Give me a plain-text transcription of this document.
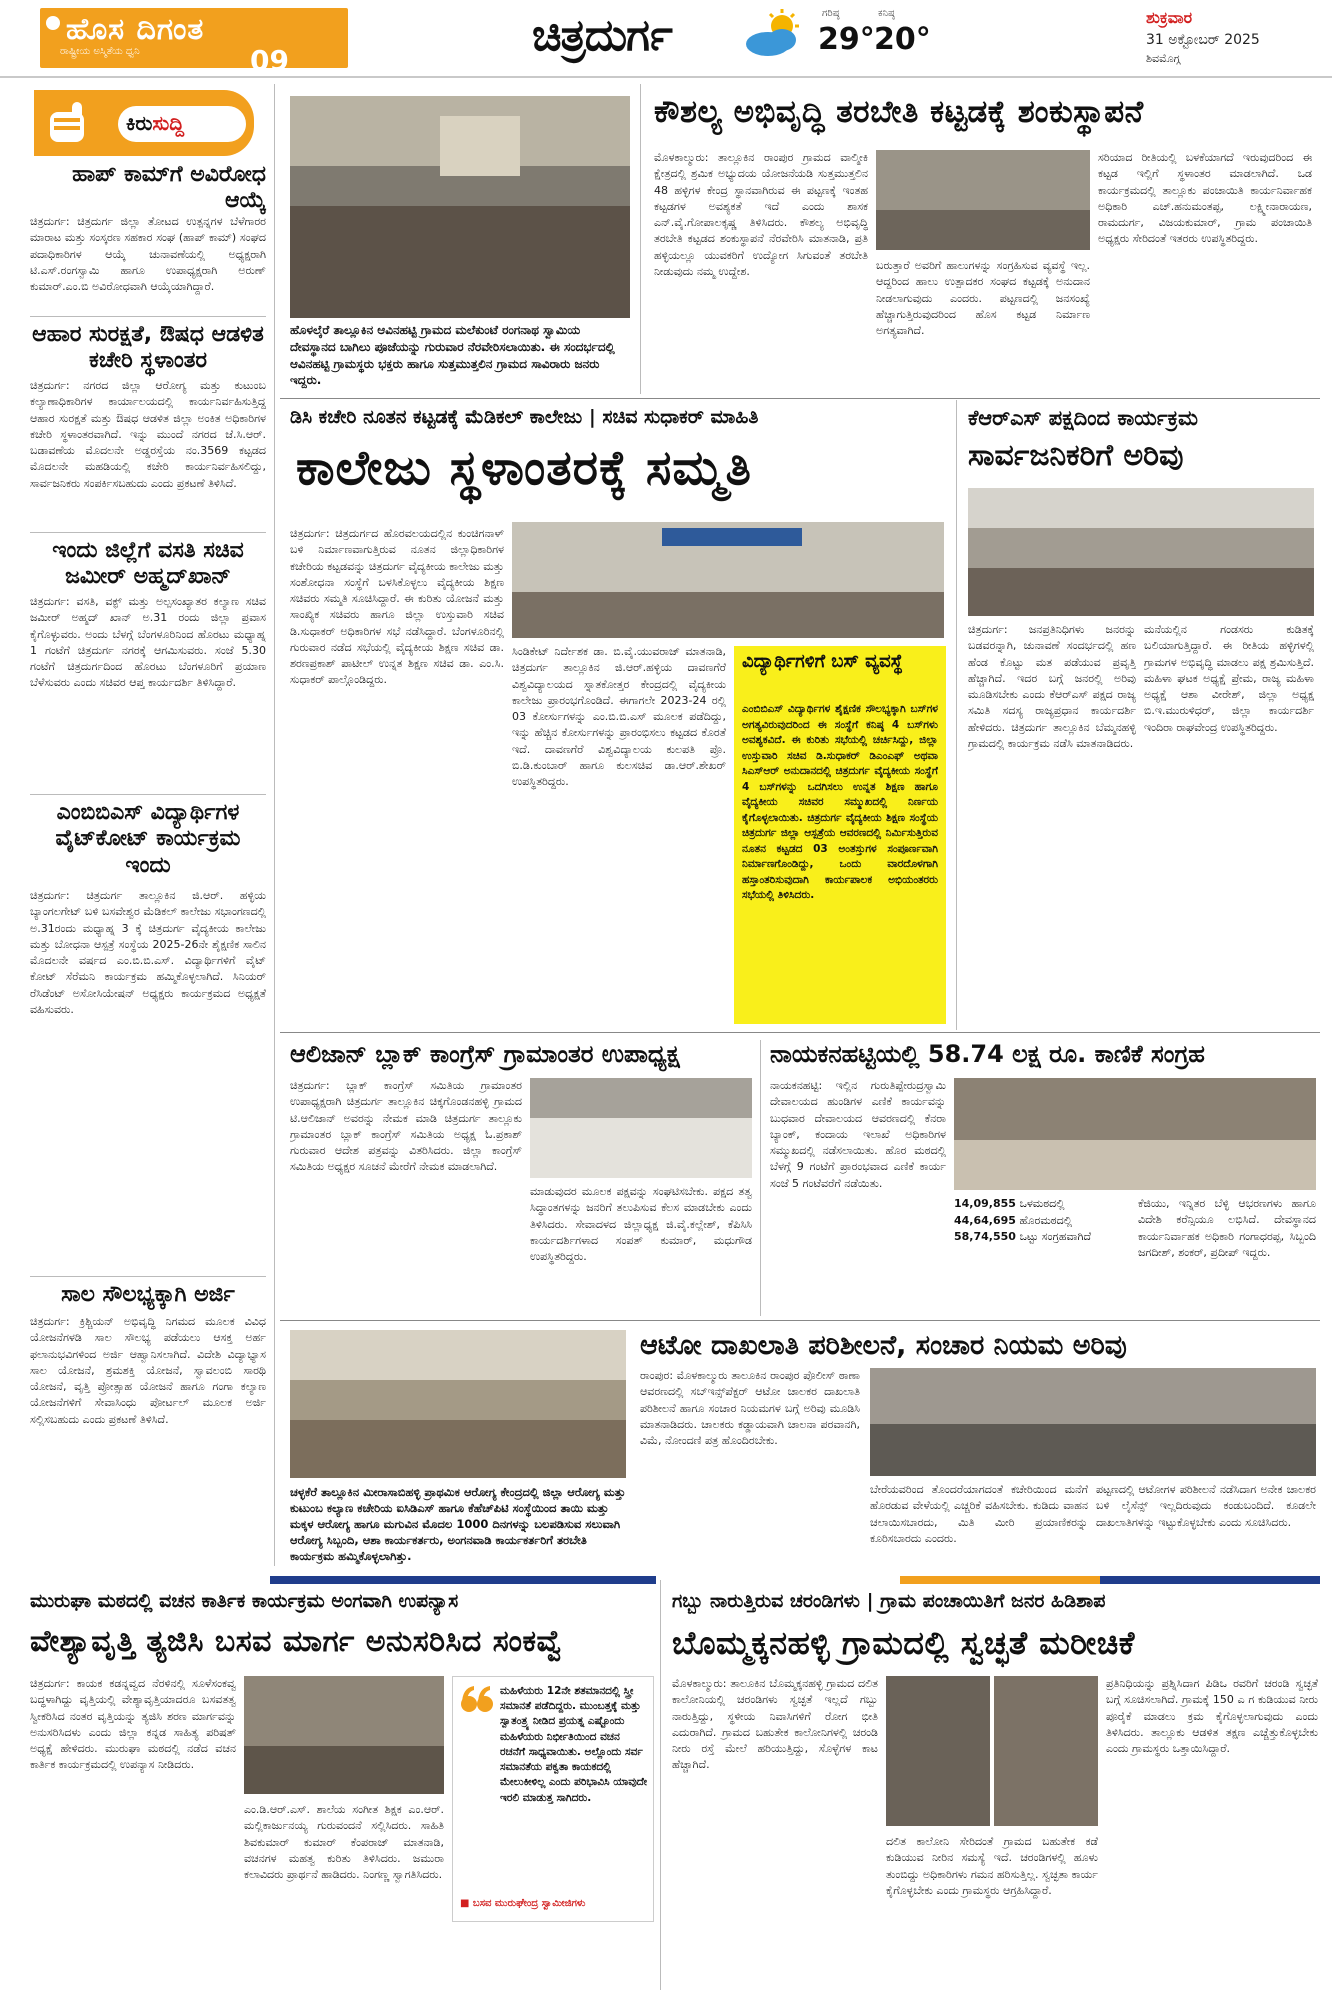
ಹೊಸ ದಿಗಂತ
ರಾಷ್ಟ್ರೀಯ ಅಸ್ಮಿತೆಯ ಧ್ವನಿ	09	ಚಿತ್ರದುರ್ಗ	ಗರಿಷ್ಠ
29°
ಕನಿಷ್ಠ
20°
ಶುಕ್ರವಾರ
31 ಅಕ್ಟೋಬರ್ 2025
ಶಿವಮೊಗ್ಗ
ಕಿರುಸುದ್ದಿ
ಹಾಪ್ ಕಾಮ್‌ಗೆ ಅವಿರೋಧ ಆಯ್ಕೆ
ಚಿತ್ರದುರ್ಗ: ಚಿತ್ರದುರ್ಗ ಜಿಲ್ಲಾ ತೋಟದ ಉತ್ಪನ್ನಗಳ ಬೆಳೆಗಾರರ ಮಾರಾಟ ಮತ್ತು ಸಂಸ್ಕರಣ ಸಹಕಾರ ಸಂಘ (ಹಾಪ್ ಕಾಮ್) ಸಂಘದ ಪದಾಧಿಕಾರಿಗಳ ಆಯ್ಕೆ ಚುನಾವಣೆಯಲ್ಲಿ ಅಧ್ಯಕ್ಷರಾಗಿ ಟಿ.ಎಸ್.ರಂಗಸ್ವಾಮಿ ಹಾಗೂ ಉಪಾಧ್ಯಕ್ಷರಾಗಿ ಅರುಣ್ ಕುಮಾರ್.ಎಂ.ಬಿ ಅವಿರೋಧವಾಗಿ ಆಯ್ಕೆಯಾಗಿದ್ದಾರೆ.
ಆಹಾರ ಸುರಕ್ಷತೆ, ಔಷಧ ಆಡಳಿತ ಕಚೇರಿ ಸ್ಥಳಾಂತರ
ಚಿತ್ರದುರ್ಗ: ನಗರದ ಜಿಲ್ಲಾ ಆರೋಗ್ಯ ಮತ್ತು ಕುಟುಂಬ ಕಲ್ಯಾಣಾಧಿಕಾರಿಗಳ ಕಾರ್ಯಾಲಯದಲ್ಲಿ ಕಾರ್ಯನಿರ್ವಹಿಸುತ್ತಿದ್ದ ಆಹಾರ ಸುರಕ್ಷತೆ ಮತ್ತು ಔಷಧ ಆಡಳಿತ ಜಿಲ್ಲಾ ಅಂಕಿತ ಅಧಿಕಾರಿಗಳ ಕಚೇರಿ ಸ್ಥಳಾಂತರವಾಗಿದೆ. ಇನ್ನು ಮುಂದೆ ನಗರದ ಜೆ.ಸಿ.ಆರ್. ಬಡಾವಣೆಯ ಮೊದಲನೇ ಅಡ್ಡರಸ್ತೆಯ ನಂ.3569 ಕಟ್ಟಡದ ಮೊದಲನೇ ಮಹಡಿಯಲ್ಲಿ ಕಚೇರಿ ಕಾರ್ಯನಿರ್ವಹಿಸಲಿದ್ದು, ಸಾರ್ವಜನಿಕರು ಸಂಪರ್ಕಿಸಬಹುದು ಎಂದು ಪ್ರಕಟಣೆ ತಿಳಿಸಿದೆ.
ಇಂದು ಜಿಲ್ಲೆಗೆ ವಸತಿ ಸಚಿವ ಜಮೀರ್ ಅಹ್ಮದ್‌ಖಾನ್
ಚಿತ್ರದುರ್ಗ: ವಸತಿ, ವಕ್ಫ್ ಮತ್ತು ಅಲ್ಪಸಂಖ್ಯಾತರ ಕಲ್ಯಾಣ ಸಚಿವ ಜಮೀರ್ ಅಹ್ಮದ್ ಖಾನ್ ಅ.31 ರಂದು ಜಿಲ್ಲಾ ಪ್ರವಾಸ ಕೈಗೊಳ್ಳುವರು. ಅಂದು ಬೆಳಗ್ಗೆ ಬೆಂಗಳೂರಿನಿಂದ ಹೊರಟು ಮಧ್ಯಾಹ್ನ 1 ಗಂಟೆಗೆ ಚಿತ್ರದುರ್ಗ ನಗರಕ್ಕೆ ಆಗಮಿಸುವರು. ಸಂಜೆ 5.30 ಗಂಟೆಗೆ ಚಿತ್ರದುರ್ಗದಿಂದ ಹೊರಟು ಬೆಂಗಳೂರಿಗೆ ಪ್ರಯಾಣ ಬೆಳೆಸುವರು ಎಂದು ಸಚಿವರ ಆಪ್ತ ಕಾರ್ಯದರ್ಶಿ ತಿಳಿಸಿದ್ದಾರೆ.
ಎಂಬಿಬಿಎಸ್ ವಿದ್ಯಾರ್ಥಿಗಳ ವೈಟ್‌ಕೋಟ್ ಕಾರ್ಯಕ್ರಮ ಇಂದು
ಚಿತ್ರದುರ್ಗ: ಚಿತ್ರದುರ್ಗ ತಾಲ್ಲೂಕಿನ ಜಿ.ಆರ್. ಹಳ್ಳಿಯ ಬ್ಯಾಂಗಲಗೇಟ್ ಬಳಿ ಬಸವೇಶ್ವರ ಮೆಡಿಕಲ್ ಕಾಲೇಜು ಸಭಾಂಗಣದಲ್ಲಿ ಅ.31ರಂದು ಮಧ್ಯಾಹ್ನ 3 ಕ್ಕೆ ಚಿತ್ರದುರ್ಗ ವೈದ್ಯಕೀಯ ಕಾಲೇಜು ಮತ್ತು ಬೋಧನಾ ಆಸ್ಪತ್ರೆ ಸಂಸ್ಥೆಯ 2025-26ನೇ ಶೈಕ್ಷಣಿಕ ಸಾಲಿನ ಮೊದಲನೇ ವರ್ಷದ ಎಂ.ಬಿ.ಬಿ.ಎಸ್. ವಿದ್ಯಾರ್ಥಿಗಳಿಗೆ ವೈಟ್ ಕೋಟ್ ಸೆರೆಮನಿ ಕಾರ್ಯಕ್ರಮ ಹಮ್ಮಿಕೊಳ್ಳಲಾಗಿದೆ. ಸಿನಿಯರ್ ರೆಸಿಡೆಂಟ್ ಅಸೋಸಿಯೇಷನ್ ಅಧ್ಯಕ್ಷರು ಕಾರ್ಯಕ್ರಮದ ಅಧ್ಯಕ್ಷತೆ ವಹಿಸುವರು.
ಸಾಲ ಸೌಲಭ್ಯಕ್ಕಾಗಿ ಅರ್ಜಿ
ಚಿತ್ರದುರ್ಗ: ಕ್ರಿಶ್ಚಿಯನ್ ಅಭಿವೃದ್ಧಿ ನಿಗಮದ ಮೂಲಕ ವಿವಿಧ ಯೋಜನೆಗಳಡಿ ಸಾಲ ಸೌಲಭ್ಯ ಪಡೆಯಲು ಆಸಕ್ತ ಅರ್ಹ ಫಲಾನುಭವಿಗಳಿಂದ ಅರ್ಜಿ ಆಹ್ವಾನಿಸಲಾಗಿದೆ. ವಿದೇಶಿ ವಿದ್ಯಾಭ್ಯಾಸ ಸಾಲ ಯೋಜನೆ, ಶ್ರಮಶಕ್ತಿ ಯೋಜನೆ, ಸ್ವಾವಲಂಬಿ ಸಾರಥಿ ಯೋಜನೆ, ವೃತ್ತಿ ಪ್ರೋತ್ಸಾಹ ಯೋಜನೆ ಹಾಗೂ ಗಂಗಾ ಕಲ್ಯಾಣ ಯೋಜನೆಗಳಿಗೆ ಸೇವಾಸಿಂಧು ಪೋರ್ಟಲ್ ಮೂಲಕ ಅರ್ಜಿ ಸಲ್ಲಿಸಬಹುದು ಎಂದು ಪ್ರಕಟಣೆ ತಿಳಿಸಿದೆ.
ಹೊಳಲ್ಕೆರೆ ತಾಲ್ಲೂಕಿನ ಆವಿನಹಟ್ಟಿ ಗ್ರಾಮದ ಮಲೆಕುಂಟೆ ರಂಗನಾಥ ಸ್ವಾಮಿಯ ದೇವಸ್ಥಾನದ ಬಾಗಿಲು ಪೂಜೆಯನ್ನು ಗುರುವಾರ ನೆರವೇರಿಸಲಾಯಿತು. ಈ ಸಂದರ್ಭದಲ್ಲಿ ಆವಿನಹಟ್ಟಿ ಗ್ರಾಮಸ್ಥರು ಭಕ್ತರು ಹಾಗೂ ಸುತ್ತಮುತ್ತಲಿನ ಗ್ರಾಮದ ಸಾವಿರಾರು ಜನರು ಇದ್ದರು.
ಕೌಶಲ್ಯ ಅಭಿವೃದ್ಧಿ ತರಬೇತಿ ಕಟ್ಟಡಕ್ಕೆ ಶಂಕುಸ್ಥಾಪನೆ
ಮೊಳಕಾಲ್ಮುರು: ತಾಲ್ಲೂಕಿನ ರಾಂಪುರ ಗ್ರಾಮದ ವಾಲ್ಮೀಕಿ ಕ್ಷೇತ್ರದಲ್ಲಿ ಶ್ರಮಿಕ ಅಭ್ಯುದಯ ಯೋಜನೆಯಡಿ ಸುತ್ತಮುತ್ತಲಿನ 48 ಹಳ್ಳಿಗಳ ಕೇಂದ್ರ ಸ್ಥಾನವಾಗಿರುವ ಈ ಪಟ್ಟಣಕ್ಕೆ ಇಂತಹ ಕಟ್ಟಡಗಳ ಅವಶ್ಯಕತೆ ಇದೆ ಎಂದು ಶಾಸಕ ಎನ್.ವೈ.ಗೋಪಾಲಕೃಷ್ಣ ತಿಳಿಸಿದರು. ಕೌಶಲ್ಯ ಅಭಿವೃದ್ಧಿ ತರಬೇತಿ ಕಟ್ಟಡದ ಶಂಕುಸ್ಥಾಪನೆ ನೆರವೇರಿಸಿ ಮಾತನಾಡಿ, ಪ್ರತಿ ಹಳ್ಳಿಯಲ್ಲೂ ಯುವಕರಿಗೆ ಉದ್ಯೋಗ ಸಿಗುವಂತೆ ತರಬೇತಿ ನೀಡುವುದು ನಮ್ಮ ಉದ್ದೇಶ.	ಬರುತ್ತಾರೆ ಅವರಿಗೆ ಹಾಲುಗಳನ್ನು ಸಂಗ್ರಹಿಸುವ ವ್ಯವಸ್ಥೆ ಇಲ್ಲ. ಆದ್ದರಿಂದ ಹಾಲು ಉತ್ಪಾದಕರ ಸಂಘದ ಕಟ್ಟಡಕ್ಕೆ ಅನುದಾನ ನೀಡಲಾಗುವುದು ಎಂದರು. ಪಟ್ಟಣದಲ್ಲಿ ಜನಸಂಖ್ಯೆ ಹೆಚ್ಚಾಗುತ್ತಿರುವುದರಿಂದ ಹೊಸ ಕಟ್ಟಡ ನಿರ್ಮಾಣ ಅಗತ್ಯವಾಗಿದೆ.
ಸರಿಯಾದ ರೀತಿಯಲ್ಲಿ ಬಳಕೆಯಾಗದೆ ಇರುವುದರಿಂದ ಈ ಕಟ್ಟಡ ಇಲ್ಲಿಗೆ ಸ್ಥಳಾಂತರ ಮಾಡಲಾಗಿದೆ. ಒಡ ಕಾರ್ಯಕ್ರಮದಲ್ಲಿ ತಾಲ್ಲೂಕು ಪಂಚಾಯಿತಿ ಕಾರ್ಯನಿರ್ವಾಹಕ ಅಧಿಕಾರಿ ಎಚ್.ಹನುಮಂತಪ್ಪ, ಲಕ್ಷ್ಮೀನಾರಾಯಣ, ರಾಮದುರ್ಗ, ವಿಜಯಕುಮಾರ್, ಗ್ರಾಮ ಪಂಚಾಯಿತಿ ಅಧ್ಯಕ್ಷರು ಸೇರಿದಂತೆ ಇತರರು ಉಪಸ್ಥಿತರಿದ್ದರು.
ಡಿಸಿ ಕಚೇರಿ ನೂತನ ಕಟ್ಟಡಕ್ಕೆ ಮೆಡಿಕಲ್ ಕಾಲೇಜು | ಸಚಿವ ಸುಧಾಕರ್ ಮಾಹಿತಿ
ಕಾಲೇಜು ಸ್ಥಳಾಂತರಕ್ಕೆ ಸಮ್ಮತಿ
ಚಿತ್ರದುರ್ಗ: ಚಿತ್ರದುರ್ಗದ ಹೊರವಲಯದಲ್ಲಿನ ಕುಂಚಿಗನಾಳ್ ಬಳಿ ನಿರ್ಮಾಣವಾಗುತ್ತಿರುವ ನೂತನ ಜಿಲ್ಲಾಧಿಕಾರಿಗಳ ಕಚೇರಿಯ ಕಟ್ಟಡವನ್ನು ಚಿತ್ರದುರ್ಗ ವೈದ್ಯಕೀಯ ಕಾಲೇಜು ಮತ್ತು ಸಂಶೋಧನಾ ಸಂಸ್ಥೆಗೆ ಬಳಸಿಕೊಳ್ಳಲು ವೈದ್ಯಕೀಯ ಶಿಕ್ಷಣ ಸಚಿವರು ಸಮ್ಮತಿ ಸೂಚಿಸಿದ್ದಾರೆ. ಈ ಕುರಿತು ಯೋಜನೆ ಮತ್ತು ಸಾಂಖ್ಯಿಕ ಸಚಿವರು ಹಾಗೂ ಜಿಲ್ಲಾ ಉಸ್ತುವಾರಿ ಸಚಿವ ಡಿ.ಸುಧಾಕರ್ ಅಧಿಕಾರಿಗಳ ಸಭೆ ನಡೆಸಿದ್ದಾರೆ. ಬೆಂಗಳೂರಿನಲ್ಲಿ ಗುರುವಾರ ನಡೆದ ಸಭೆಯಲ್ಲಿ ವೈದ್ಯಕೀಯ ಶಿಕ್ಷಣ ಸಚಿವ ಡಾ. ಶರಣಪ್ರಕಾಶ್ ಪಾಟೀಲ್ ಉನ್ನತ ಶಿಕ್ಷಣ ಸಚಿವ ಡಾ. ಎಂ.ಸಿ. ಸುಧಾಕರ್ ಪಾಲ್ಗೊಂಡಿದ್ದರು.
ಸಿಂಡಿಕೇಟ್ ನಿರ್ದೇಶಕ ಡಾ. ಬಿ.ವೈ.ಯುವರಾಜ್ ಮಾತನಾಡಿ, ಚಿತ್ರದುರ್ಗ ತಾಲ್ಲೂಕಿನ ಜಿ.ಆರ್.ಹಳ್ಳಿಯ ದಾವಣಗೆರೆ ವಿಶ್ವವಿದ್ಯಾಲಯದ ಸ್ನಾತಕೋತ್ತರ ಕೇಂದ್ರದಲ್ಲಿ ವೈದ್ಯಕೀಯ ಕಾಲೇಜು ಪ್ರಾರಂಭಗೊಂಡಿದೆ. ಈಗಾಗಲೇ 2023-24 ರಲ್ಲಿ 03 ಕೋರ್ಸುಗಳನ್ನು ಎಂ.ಬಿ.ಬಿ.ಎಸ್ ಮೂಲಕ ಪಡೆದಿದ್ದು, ಇನ್ನು ಹೆಚ್ಚಿನ ಕೋರ್ಸುಗಳನ್ನು ಪ್ರಾರಂಭಿಸಲು ಕಟ್ಟಡದ ಕೊರತೆ ಇದೆ. ದಾವಣಗೆರೆ ವಿಶ್ವವಿದ್ಯಾಲಯ ಕುಲಪತಿ ಪ್ರೊ. ಬಿ.ಡಿ.ಕುಂಬಾರ್ ಹಾಗೂ ಕುಲಸಚಿವ ಡಾ.ಆರ್.ಶೇಖರ್ ಉಪಸ್ಥಿತರಿದ್ದರು.
ವಿದ್ಯಾರ್ಥಿಗಳಿಗೆ ಬಸ್ ವ್ಯವಸ್ಥೆ
ಎಂಬಿಬಿಎಸ್ ವಿದ್ಯಾರ್ಥಿಗಳ ಶೈಕ್ಷಣಿಕ ಸೌಲಭ್ಯಕ್ಕಾಗಿ ಬಸ್‌ಗಳ ಅಗತ್ಯವಿರುವುದರಿಂದ ಈ ಸಂಸ್ಥೆಗೆ ಕನಿಷ್ಠ 4 ಬಸ್‌ಗಳು ಅವಶ್ಯಕವಿದೆ. ಈ ಕುರಿತು ಸಭೆಯಲ್ಲಿ ಚರ್ಚಿಸಿದ್ದು, ಜಿಲ್ಲಾ ಉಸ್ತುವಾರಿ ಸಚಿವ ಡಿ.ಸುಧಾಕರ್ ಡಿಎಂಎಫ್ ಅಥವಾ ಸಿಎಸ್‌ಆರ್ ಅನುದಾನದಲ್ಲಿ ಚಿತ್ರದುರ್ಗ ವೈದ್ಯಕೀಯ ಸಂಸ್ಥೆಗೆ 4 ಬಸ್‌ಗಳನ್ನು ಒದಗಿಸಲು ಉನ್ನತ ಶಿಕ್ಷಣ ಹಾಗೂ ವೈದ್ಯಕೀಯ ಸಚಿವರ ಸಮ್ಮುಖದಲ್ಲಿ ನಿರ್ಣಯ ಕೈಗೊಳ್ಳಲಾಯಿತು. ಚಿತ್ರದುರ್ಗ ವೈದ್ಯಕೀಯ ಶಿಕ್ಷಣ ಸಂಸ್ಥೆಯ ಚಿತ್ರದುರ್ಗ ಜಿಲ್ಲಾ ಆಸ್ಪತ್ರೆಯ ಆವರಣದಲ್ಲಿ ನಿರ್ಮಿಸುತ್ತಿರುವ ನೂತನ ಕಟ್ಟಡದ 03 ಅಂತಸ್ತುಗಳ ಸಂಪೂರ್ಣವಾಗಿ ನಿರ್ಮಾಣಗೊಂಡಿದ್ದು, ಒಂದು ವಾರದೊಳಗಾಗಿ ಹಸ್ತಾಂತರಿಸುವುದಾಗಿ ಕಾರ್ಯಪಾಲಕ ಅಭಿಯಂತರರು ಸಭೆಯಲ್ಲಿ ತಿಳಿಸಿದರು.
ಕೆಆರ್‌ಎಸ್ ಪಕ್ಷದಿಂದ ಕಾರ್ಯಕ್ರಮ
ಸಾರ್ವಜನಿಕರಿಗೆ ಅರಿವು
ಚಿತ್ರದುರ್ಗ: ಜನಪ್ರತಿನಿಧಿಗಳು ಜನರನ್ನು ಬಡವರನ್ನಾಗಿ, ಚುನಾವಣೆ ಸಂದರ್ಭದಲ್ಲಿ ಹಣ ಹೆಂಡ ಕೊಟ್ಟು ಮತ ಪಡೆಯುವ ಪ್ರವೃತ್ತಿ ಹೆಚ್ಚಾಗಿದೆ. ಇದರ ಬಗ್ಗೆ ಜನರಲ್ಲಿ ಅರಿವು ಮೂಡಿಸಬೇಕು ಎಂದು ಕೆಆರ್‌ಎಸ್ ಪಕ್ಷದ ರಾಜ್ಯ ಸಮಿತಿ ಸದಸ್ಯ ರಾಜ್ಯಪ್ರಧಾನ ಕಾರ್ಯದರ್ಶಿ ಹೇಳಿದರು. ಚಿತ್ರದುರ್ಗ ತಾಲ್ಲೂಕಿನ ಬೆಮ್ಮನಹಳ್ಳಿ ಗ್ರಾಮದಲ್ಲಿ ಕಾರ್ಯಕ್ರಮ ನಡೆಸಿ ಮಾತನಾಡಿದರು.
ಮನೆಯಲ್ಲಿನ ಗಂಡಸರು ಕುಡಿತಕ್ಕೆ ಬಲಿಯಾಗುತ್ತಿದ್ದಾರೆ. ಈ ರೀತಿಯ ಹಳ್ಳಿಗಳಲ್ಲಿ ಗ್ರಾಮಗಳ ಅಭಿವೃದ್ಧಿ ಮಾಡಲು ಪಕ್ಷ ಶ್ರಮಿಸುತ್ತಿದೆ. ಮಹಿಳಾ ಘಟಕ ಅಧ್ಯಕ್ಷೆ ಪ್ರೇಮ, ರಾಜ್ಯ ಮಹಿಳಾ ಅಧ್ಯಕ್ಷೆ ಆಶಾ ವೀರೇಶ್, ಜಿಲ್ಲಾ ಅಧ್ಯಕ್ಷ ಬಿ.ಇ.ಮುರುಳಿಧರ್, ಜಿಲ್ಲಾ ಕಾರ್ಯದರ್ಶಿ ಇಂದಿರಾ ರಾಘವೇಂದ್ರ ಉಪಸ್ಥಿತರಿದ್ದರು.
ಆಲಿಜಾನ್ ಬ್ಲಾಕ್ ಕಾಂಗ್ರೆಸ್ ಗ್ರಾಮಾಂತರ ಉಪಾಧ್ಯಕ್ಷ
ಚಿತ್ರದುರ್ಗ: ಬ್ಲಾಕ್ ಕಾಂಗ್ರೆಸ್ ಸಮಿತಿಯ ಗ್ರಾಮಾಂತರ ಉಪಾಧ್ಯಕ್ಷರಾಗಿ ಚಿತ್ರದುರ್ಗ ತಾಲ್ಲೂಕಿನ ಚಿಕ್ಕಗೊಂಡನಹಳ್ಳಿ ಗ್ರಾಮದ ಟಿ.ಆಲಿಜಾನ್ ಅವರನ್ನು ನೇಮಕ ಮಾಡಿ ಚಿತ್ರದುರ್ಗ ತಾಲ್ಲೂಕು ಗ್ರಾಮಾಂತರ ಬ್ಲಾಕ್ ಕಾಂಗ್ರೆಸ್ ಸಮಿತಿಯ ಅಧ್ಯಕ್ಷ ಓ.ಪ್ರಕಾಶ್ ಗುರುವಾರ ಆದೇಶ ಪತ್ರವನ್ನು ವಿತರಿಸಿದರು. ಜಿಲ್ಲಾ ಕಾಂಗ್ರೆಸ್ ಸಮಿತಿಯ ಅಧ್ಯಕ್ಷರ ಸೂಚನೆ ಮೇರೆಗೆ ನೇಮಕ ಮಾಡಲಾಗಿದೆ.
ಮಾಡುವುದರ ಮೂಲಕ ಪಕ್ಷವನ್ನು ಸಂಘಟಿಸಬೇಕು. ಪಕ್ಷದ ತತ್ವ ಸಿದ್ಧಾಂತಗಳನ್ನು ಜನರಿಗೆ ತಲುಪಿಸುವ ಕೆಲಸ ಮಾಡಬೇಕು ಎಂದು ತಿಳಿಸಿದರು. ಸೇವಾದಳದ ಜಿಲ್ಲಾಧ್ಯಕ್ಷ ಜಿ.ವೈ.ಕಲ್ಲೇಶ್, ಕೆಪಿಸಿಸಿ ಕಾರ್ಯದರ್ಶಿಗಳಾದ ಸಂಪತ್ ಕುಮಾರ್, ಮಧುಗೌಡ ಉಪಸ್ಥಿತರಿದ್ದರು.
ನಾಯಕನಹಟ್ಟಿಯಲ್ಲಿ 58.74 ಲಕ್ಷ ರೂ. ಕಾಣಿಕೆ ಸಂಗ್ರಹ
ನಾಯಕನಹಟ್ಟಿ: ಇಲ್ಲಿನ ಗುರುತಿಪ್ಪೇರುದ್ರಸ್ವಾಮಿ ದೇವಾಲಯದ ಹುಂಡಿಗಳ ಎಣಿಕೆ ಕಾರ್ಯವನ್ನು ಬುಧವಾರ ದೇವಾಲಯದ ಆವರಣದಲ್ಲಿ ಕೆನರಾ ಬ್ಯಾಂಕ್, ಕಂದಾಯ ಇಲಾಖೆ ಅಧಿಕಾರಿಗಳ ಸಮ್ಮುಖದಲ್ಲಿ ನಡೆಸಲಾಯಿತು. ಹೊರ ಮಠದಲ್ಲಿ ಬೆಳಗ್ಗೆ 9 ಗಂಟೆಗೆ ಪ್ರಾರಂಭವಾದ ಎಣಿಕೆ ಕಾರ್ಯ ಸಂಜೆ 5 ಗಂಟೆವರೆಗೆ ನಡೆಯಿತು.
14,09,855 ಒಳಮಠದಲ್ಲಿ
44,64,695 ಹೊರಮಠದಲ್ಲಿ
58,74,550 ಒಟ್ಟು ಸಂಗ್ರಹವಾಗಿದೆ
ಕೆಜಿಯು, ಇನ್ನಿತರ ಬೆಳ್ಳಿ ಆಭರಣಗಳು ಹಾಗೂ ವಿದೇಶಿ ಕರೆನ್ಸಿಯೂ ಲಭಿಸಿದೆ. ದೇವಸ್ಥಾನದ ಕಾರ್ಯನಿರ್ವಾಹಕ ಅಧಿಕಾರಿ ಗಂಗಾಧರಪ್ಪ, ಸಿಬ್ಬಂದಿ ಜಗದೀಶ್, ಶಂಕರ್, ಪ್ರದೀಪ್ ಇದ್ದರು.
ಚಳ್ಳಕೆರೆ ತಾಲ್ಲೂಕಿನ ಮೀರಾಸಾಬಿಹಳ್ಳಿ ಪ್ರಾಥಮಿಕ ಆರೋಗ್ಯ ಕೇಂದ್ರದಲ್ಲಿ ಜಿಲ್ಲಾ ಆರೋಗ್ಯ ಮತ್ತು ಕುಟುಂಬ ಕಲ್ಯಾಣ ಕಚೇರಿಯ ಐಸಿಡಿಎಸ್ ಹಾಗೂ ಕೆಹೆಚ್‌ಪಿಟಿ ಸಂಸ್ಥೆಯಿಂದ ತಾಯಿ ಮತ್ತು ಮಕ್ಕಳ ಆರೋಗ್ಯ ಹಾಗೂ ಮಗುವಿನ ಮೊದಲ 1000 ದಿನಗಳನ್ನು ಬಲಪಡಿಸುವ ಸಲುವಾಗಿ ಆರೋಗ್ಯ ಸಿಬ್ಬಂದಿ, ಆಶಾ ಕಾರ್ಯಕರ್ತರು, ಅಂಗನವಾಡಿ ಕಾರ್ಯಕರ್ತರಿಗೆ ತರಬೇತಿ ಕಾರ್ಯಕ್ರಮ ಹಮ್ಮಿಕೊಳ್ಳಲಾಗಿತ್ತು.
ಆಟೋ ದಾಖಲಾತಿ ಪರಿಶೀಲನೆ, ಸಂಚಾರ ನಿಯಮ ಅರಿವು
ರಾಂಪುರ: ಮೊಳಕಾಲ್ಮುರು ತಾಲೂಕಿನ ರಾಂಪುರ ಪೊಲೀಸ್ ಠಾಣಾ ಆವರಣದಲ್ಲಿ ಸಬ್‌ಇನ್ಸ್‌ಪೆಕ್ಟರ್ ಆಟೋ ಚಾಲಕರ ದಾಖಲಾತಿ ಪರಿಶೀಲನೆ ಹಾಗೂ ಸಂಚಾರ ನಿಯಮಗಳ ಬಗ್ಗೆ ಅರಿವು ಮೂಡಿಸಿ ಮಾತನಾಡಿದರು. ಚಾಲಕರು ಕಡ್ಡಾಯವಾಗಿ ಚಾಲನಾ ಪರವಾನಗಿ, ವಿಮೆ, ನೋಂದಣಿ ಪತ್ರ ಹೊಂದಿರಬೇಕು.
ಬೇರೆಯವರಿಂದ ತೊಂದರೆಯಾಗದಂತೆ ಕಚೇರಿಯಿಂದ ಮನೆಗೆ ಹೊರಡುವ ವೇಳೆಯಲ್ಲಿ ಎಚ್ಚರಿಕೆ ವಹಿಸಬೇಕು. ಕುಡಿದು ವಾಹನ ಚಲಾಯಿಸಬಾರದು, ಮಿತಿ ಮೀರಿ ಪ್ರಯಾಣಿಕರನ್ನು ಕೂರಿಸಬಾರದು ಎಂದರು.
ಪಟ್ಟಣದಲ್ಲಿ ಆಟೋಗಳ ಪರಿಶೀಲನೆ ನಡೆಸಿದಾಗ ಅನೇಕ ಚಾಲಕರ ಬಳಿ ಲೈಸೆನ್ಸ್ ಇಲ್ಲದಿರುವುದು ಕಂಡುಬಂದಿದೆ. ಕೂಡಲೇ ದಾಖಲಾತಿಗಳನ್ನು ಇಟ್ಟುಕೊಳ್ಳಬೇಕು ಎಂದು ಸೂಚಿಸಿದರು.
ಮುರುಘಾ ಮಠದಲ್ಲಿ ವಚನ ಕಾರ್ತಿಕ ಕಾರ್ಯಕ್ರಮ ಅಂಗವಾಗಿ ಉಪನ್ಯಾಸ
ವೇಶ್ಯಾವೃತ್ತಿ ತ್ಯಜಿಸಿ ಬಸವ ಮಾರ್ಗ ಅನುಸರಿಸಿದ ಸಂಕವ್ವೆ
ಚಿತ್ರದುರ್ಗ: ಕಾಯಕ ಕಡನ್ನವ್ವದ ನೆರಳಿನಲ್ಲಿ ಸೂಳೆಸಂಕವ್ವ ಬದ್ಧಳಾಗಿದ್ದು ವೃತ್ತಿಯಲ್ಲಿ ವೇಶ್ಯಾವೃತ್ತಿಯಾದರೂ ಬಸವತತ್ವ ಸ್ವೀಕರಿಸಿದ ನಂತರ ವೃತ್ತಿಯನ್ನು ತ್ಯಜಿಸಿ ಶರಣ ಮಾರ್ಗವನ್ನು ಅನುಸರಿಸಿದಳು ಎಂದು ಜಿಲ್ಲಾ ಕನ್ನಡ ಸಾಹಿತ್ಯ ಪರಿಷತ್ ಅಧ್ಯಕ್ಷೆ ಹೇಳಿದರು. ಮುರುಘಾ ಮಠದಲ್ಲಿ ನಡೆದ ವಚನ ಕಾರ್ತಿಕ ಕಾರ್ಯಕ್ರಮದಲ್ಲಿ ಉಪನ್ಯಾಸ ನೀಡಿದರು.
ಎಂ.ಡಿ.ಆರ್.ಎಸ್. ಶಾಲೆಯ ಸಂಗೀತ ಶಿಕ್ಷಕ ಎಂ.ಆರ್. ಮಲ್ಲಿಕಾರ್ಜುನಯ್ಯ ಗುರುವಂದನೆ ಸಲ್ಲಿಸಿದರು. ಸಾಹಿತಿ ಶಿವಕುಮಾರ್ ಕುಮಾರ್ ಕೆಂಪರಾಜ್ ಮಾತನಾಡಿ, ವಚನಗಳ ಮಹತ್ವ ಕುರಿತು ತಿಳಿಸಿದರು. ಜಮುರಾ ಕಲಾವಿದರು ಪ್ರಾರ್ಥನೆ ಹಾಡಿದರು. ನಿಂಗಣ್ಣ ಸ್ವಾಗತಿಸಿದರು.
ಮಹಿಳೆಯರು 12ನೇ ಶತಮಾನದಲ್ಲಿ ಸ್ತ್ರೀ ಸಮಾನತೆ ಪಡೆದಿದ್ದರು. ಮುಂಬತ್ತಕ್ಕೆ ಮತ್ತು ಸ್ವಾತಂತ್ರ್ಯ ನೀಡಿದ ಪ್ರಯತ್ನ ಎಷ್ಟೊಂದು ಮಹಿಳೆಯರು ನಿರ್ಭೀತಿಯಿಂದ ವಚನ ರಚನೆಗೆ ಸಾಧ್ಯವಾಯಿತು. ಅಲ್ಲೊಂದು ಸರ್ವ ಸಮಾನತೆಯ ಪಕ್ವತಾ ಕಾಯಕದಲ್ಲಿ ಮೇಲುಕೀಳಿಲ್ಲ ಎಂದು ಪರಿಭಾವಿಸಿ ಯಾವುದೇ ಇರಲಿ ಮಾಡುತ್ತ ಸಾಗಿದರು.
■ ಬಸವ ಮುರುಘೇಂದ್ರ ಸ್ವಾಮೀಜಿಗಳು
ಗಬ್ಬು ನಾರುತ್ತಿರುವ ಚರಂಡಿಗಳು | ಗ್ರಾಮ ಪಂಚಾಯಿತಿಗೆ ಜನರ ಹಿಡಿಶಾಪ
ಬೊಮ್ಮಕ್ಕನಹಳ್ಳಿ ಗ್ರಾಮದಲ್ಲಿ ಸ್ವಚ್ಛತೆ ಮರೀಚಿಕೆ
ಮೊಳಕಾಲ್ಮುರು: ತಾಲೂಕಿನ ಬೊಮ್ಮಕ್ಕನಹಳ್ಳಿ ಗ್ರಾಮದ ದಲಿತ ಕಾಲೋನಿಯಲ್ಲಿ ಚರಂಡಿಗಳು ಸ್ವಚ್ಛತೆ ಇಲ್ಲದೆ ಗಬ್ಬು ನಾರುತ್ತಿದ್ದು, ಸ್ಥಳೀಯ ನಿವಾಸಿಗಳಿಗೆ ರೋಗ ಭೀತಿ ಎದುರಾಗಿದೆ. ಗ್ರಾಮದ ಬಹುತೇಕ ಕಾಲೋನಿಗಳಲ್ಲಿ ಚರಂಡಿ ನೀರು ರಸ್ತೆ ಮೇಲೆ ಹರಿಯುತ್ತಿದ್ದು, ಸೊಳ್ಳೆಗಳ ಕಾಟ ಹೆಚ್ಚಾಗಿದೆ.
ದಲಿತ ಕಾಲೋನಿ ಸೇರಿದಂತೆ ಗ್ರಾಮದ ಬಹುತೇಕ ಕಡೆ ಕುಡಿಯುವ ನೀರಿನ ಸಮಸ್ಯೆ ಇದೆ. ಚರಂಡಿಗಳಲ್ಲಿ ಹೂಳು ತುಂಬಿದ್ದು ಅಧಿಕಾರಿಗಳು ಗಮನ ಹರಿಸುತ್ತಿಲ್ಲ. ಸ್ವಚ್ಛತಾ ಕಾರ್ಯ ಕೈಗೊಳ್ಳಬೇಕು ಎಂದು ಗ್ರಾಮಸ್ಥರು ಆಗ್ರಹಿಸಿದ್ದಾರೆ.
ಪ್ರತಿನಿಧಿಯನ್ನು ಪ್ರಶ್ನಿಸಿದಾಗ ಪಿಡಿಒ ರವರಿಗೆ ಚರಂಡಿ ಸ್ವಚ್ಛತೆ ಬಗ್ಗೆ ಸೂಚಿಸಲಾಗಿದೆ. ಗ್ರಾಮಕ್ಕೆ 150 ಎ ಗ ಕುಡಿಯುವ ನೀರು ಪೂರೈಕೆ ಮಾಡಲು ಕ್ರಮ ಕೈಗೊಳ್ಳಲಾಗುವುದು ಎಂದು ತಿಳಿಸಿದರು. ತಾಲ್ಲೂಕು ಆಡಳಿತ ತಕ್ಷಣ ಎಚ್ಚೆತ್ತುಕೊಳ್ಳಬೇಕು ಎಂದು ಗ್ರಾಮಸ್ಥರು ಒತ್ತಾಯಿಸಿದ್ದಾರೆ.
